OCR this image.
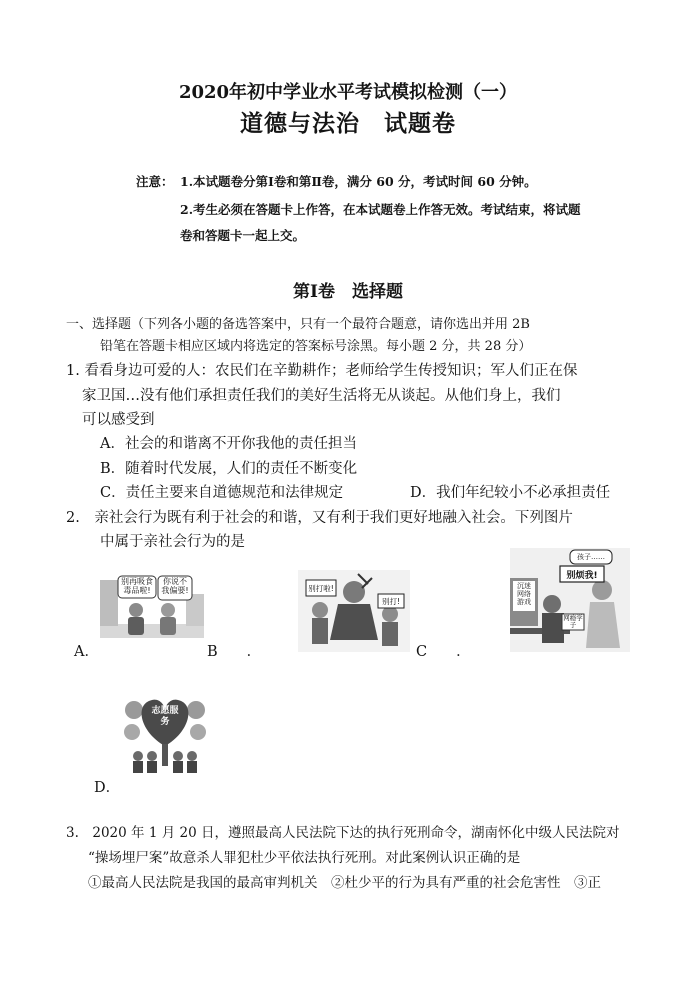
2020年初中学业水平考试模拟检测（一）
道德与法治　试题卷
注意： 1.本试题卷分第Ⅰ卷和第Ⅱ卷，满分 60 分，考试时间 60 分钟。
2.考生必须在答题卡上作答，在本试题卷上作答无效。考试结束，将试题
卷和答题卡一起上交。
第Ⅰ卷　选择题
一、选择题（下列各小题的备选答案中，只有一个最符合题意，请你选出并用 2B
铅笔在答题卡相应区域内将选定的答案标号涂黑。每小题 2 分，共 28 分）
1. 看看身边可爱的人：农民们在辛勤耕作；老师给学生传授知识；军人们正在保
家卫国…没有他们承担责任我们的美好生活将无从谈起。从他们身上，我们
可以感受到
A．社会的和谐离不开你我他的责任担当
B．随着时代发展，人们的责任不断变化
C．责任主要来自道德规范和法律规定	D．我们年纪较小不必承担责任
2.　亲社会行为既有利于社会的和谐，又有利于我们更好地融入社会。下列图片
中属于亲社会行为的是
别再吸食毒品啦!
你说不我偏要!
A．	B　　．
别打啦!
别打!
C　　．
孩子……
别烦我!
沉迷网络游戏
网瘾学子
志愿服务
D．
3.　2020 年 1 月 20 日，遵照最高人民法院下达的执行死刑命令，湖南怀化中级人民法院对
“操场埋尸案”故意杀人罪犯杜少平依法执行死刑。对此案例认识正确的是
①最高人民法院是我国的最高审判机关　②杜少平的行为具有严重的社会危害性　③正
